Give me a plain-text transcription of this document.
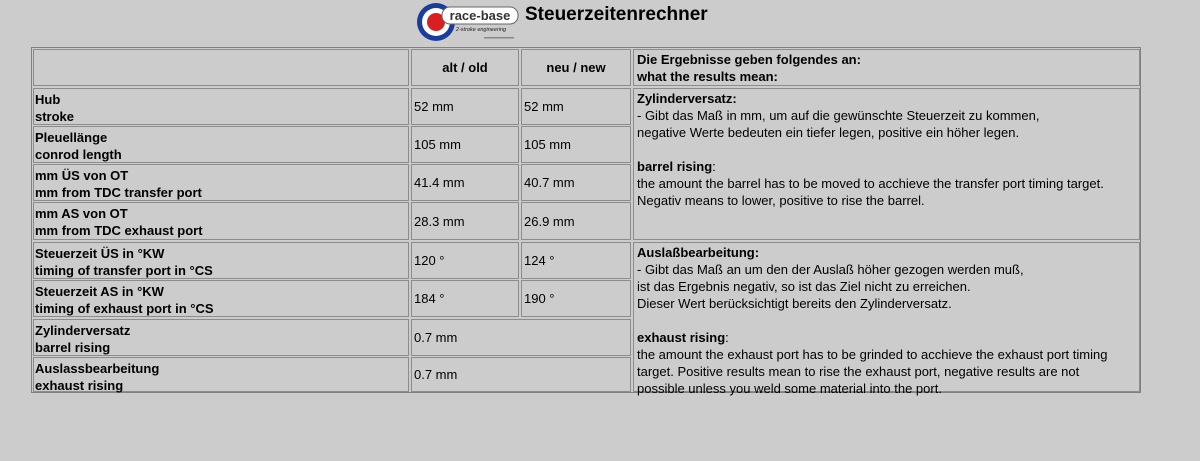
race-base
2-stroke engineering
Steuerzeitenrechner
alt / old	neu / new
Hub
stroke
52 mm	52 mm
Pleuellänge
conrod length
105 mm	105 mm
mm ÜS von OT
mm from TDC transfer port
41.4 mm	40.7 mm
mm AS von OT
mm from TDC exhaust port
28.3 mm	26.9 mm
Steuerzeit ÜS in °KW
timing of transfer port in °CS
120 °	124 °
Steuerzeit AS in °KW
timing of exhaust port in °CS
184 °	190 °
Zylinderversatz
barrel rising
0.7 mm
Auslassbearbeitung
exhaust rising
0.7 mm
Die Ergebnisse geben folgendes an:
what the results mean:
Zylinderversatz:
- Gibt das Maß in mm, um auf die gewünschte Steuerzeit zu kommen,
negative Werte bedeuten ein tiefer legen, positive ein höher legen.
barrel rising:
the amount the barrel has to be moved to acchieve the transfer port timing target.
Negativ means to lower, positive to rise the barrel.
Auslaßbearbeitung:
- Gibt das Maß an um den der Auslaß höher gezogen werden muß,
ist das Ergebnis negativ, so ist das Ziel nicht zu erreichen.
Dieser Wert berücksichtigt bereits den Zylinderversatz.
exhaust rising:
the amount the exhaust port has to be grinded to acchieve the exhaust port timing
target. Positive results mean to rise the exhaust port, negative results are not
possible unless you weld some material into the port.
